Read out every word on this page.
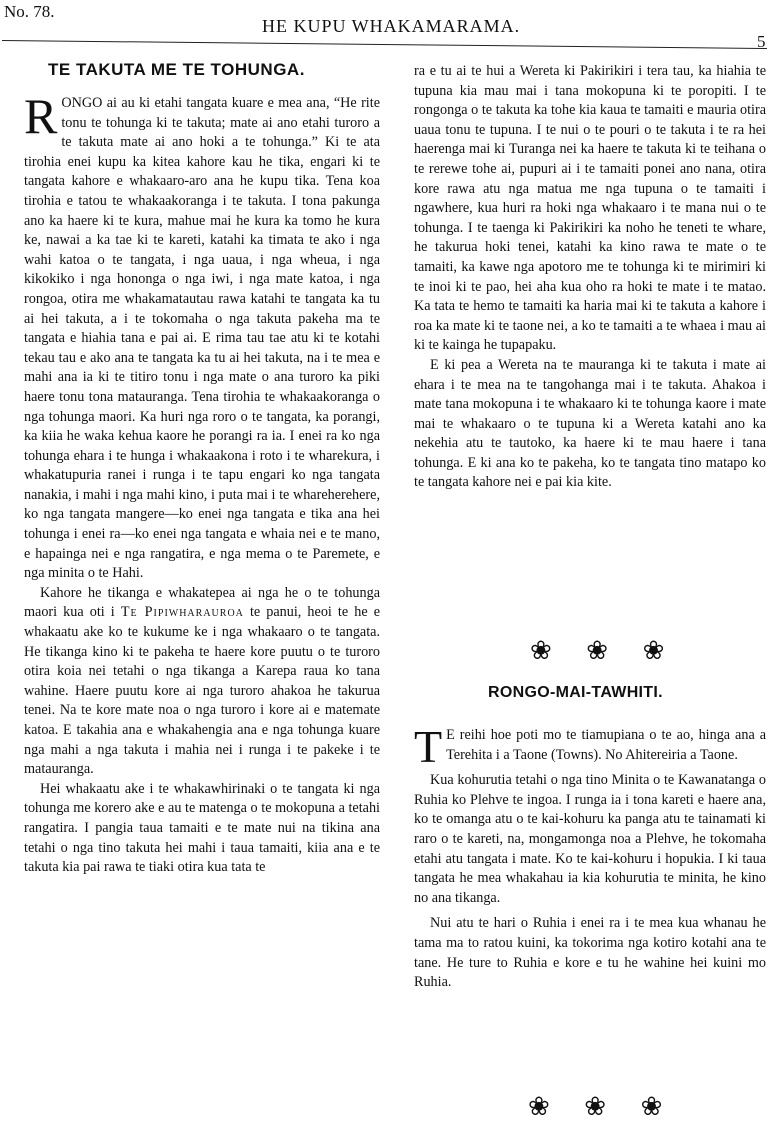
No. 78.
HE KUPU WHAKAMARAMA.
5
TE TAKUTA ME TE TOHUNGA.

RONGO ai au ki etahi tangata kuare e mea ana, “He rite tonu te tohunga ki te takuta; mate ai ano etahi turoro a te takuta mate ai ano hoki a te tohunga.” Ki te ata tirohia enei kupu ka kitea kahore kau he tika, engari ki te tangata kahore e whakaaro-aro ana he kupu tika. Tena koa tirohia e tatou te whakaakoranga i te takuta. I tona pakunga ano ka haere ki te kura, mahue mai he kura ka tomo he kura ke, nawai a ka tae ki te kareti, katahi ka timata te ako i nga wahi katoa o te tangata, i nga uaua, i nga wheua, i nga kikokiko i nga hononga o nga iwi, i nga mate katoa, i nga rongoa, otira me whakamatautau rawa katahi te tangata ka tu ai hei takuta, a i te tokomaha o nga takuta pakeha ma te tangata e hiahia tana e pai ai. E rima tau tae atu ki te kotahi tekau tau e ako ana te tangata ka tu ai hei takuta, na i te mea e mahi ana ia ki te titiro tonu i nga mate o ana turoro ka piki haere tonu tona matauranga. Tena tirohia te whakaakoranga o nga tohunga maori. Ka huri nga roro o te tangata, ka porangi, ka kiia he waka kehua kaore he porangi ra ia. I enei ra ko nga tohunga ehara i te hunga i whakaakona i roto i te wharekura, i whakatupuria ranei i runga i te tapu engari ko nga tangata nanakia, i mahi i nga mahi kino, i puta mai i te whareherehere, ko nga tangata mangere—ko enei nga tangata e tika ana hei tohunga i enei ra—ko enei nga tangata e whaia nei e te mano, e hapainga nei e nga rangatira, e nga mema o te Paremete, e nga minita o te Hahi.

Kahore he tikanga e whakatepea ai nga he o te tohunga maori kua oti i Te Pipiwharauroa te panui, heoi te he e whakaatu ake ko te kukume ke i nga whakaaro o te tangata. He tikanga kino ki te pakeha te haere kore puutu o te turoro otira koia nei tetahi o nga tikanga a Karepa raua ko tana wahine. Haere puutu kore ai nga turoro ahakoa he takurua tenei. Na te kore mate noa o nga turoro i kore ai e matemate katoa. E takahia ana e whakahengia ana e nga tohunga kuare nga mahi a nga takuta i mahia nei i runga i te pakeke i te matauranga.

Hei whakaatu ake i te whakawhirinaki o te tangata ki nga tohunga me korero ake e au te matenga o te mokopuna a tetahi rangatira. I pangia taua tamaiti e te mate nui na tikina ana tetahi o nga tino takuta hei mahi i taua tamaiti, kiia ana e te takuta kia pai rawa te tiaki otira kua tata te

ra e tu ai te hui a Wereta ki Pakirikiri i tera tau, ka hiahia te tupuna kia mau mai i tana mokopuna ki te poropiti. I te rongonga o te takuta ka tohe kia kaua te tamaiti e mauria otira uaua tonu te tupuna. I te nui o te pouri o te takuta i te ra hei haerenga mai ki Turanga nei ka haere te takuta ki te teihana o te rerewe tohe ai, pupuri ai i te tamaiti ponei ano nana, otira kore rawa atu nga matua me nga tupuna o te tamaiti i ngawhere, kua huri ra hoki nga whakaaro i te mana nui o te tohunga. I te taenga ki Pakirikiri ka noho he teneti te whare, he takurua hoki tenei, katahi ka kino rawa te mate o te tamaiti, ka kawe nga apotoro me te tohunga ki te mirimiri ki te inoi ki te pao, hei aha kua oho ra hoki te mate i te matao. Ka tata te hemo te tamaiti ka haria mai ki te takuta a kahore i roa ka mate ki te taone nei, a ko te tamaiti a te whaea i mau ai ki te kainga he tupapaku.

E ki pea a Wereta na te mauranga ki te takuta i mate ai ehara i te mea na te tangohanga mai i te takuta. Ahakoa i mate tana mokopuna i te whakaaro ki te tohunga kaore i mate mai te whakaaro o te tupuna ki a Wereta katahi ano ka nekehia atu te tautoko, ka haere ki te mau haere i tana tohunga. E ki ana ko te pakeha, ko te tangata tino matapo ko te tangata kahore nei e pai kia kite.

❀ ❀ ❀
RONGO-MAI-TAWHITI.

T E reihi hoe poti mo te tiamupiana o te ao, hinga ana a Terehita i a Taone (Towns). No Ahitereiria a Taone.

Kua kohurutia tetahi o nga tino Minita o te Kawanatanga o Ruhia ko Plehve te ingoa. I runga ia i tona kareti e haere ana, ko te omanga atu o te kai-kohuru ka panga atu te tainamati ki raro o te kareti, na, mongamonga noa a Plehve, he tokomaha etahi atu tangata i mate. Ko te kai-kohuru i hopukia. I ki taua tangata he mea whakahau ia kia kohurutia te minita, he kino no ana tikanga.

Nui atu te hari o Ruhia i enei ra i te mea kua whanau he tama ma to ratou kuini, ka tokorima nga kotiro kotahi ana te tane. He ture to Ruhia e kore e tu he wahine hei kuini mo Ruhia.

❀ ❀ ❀
